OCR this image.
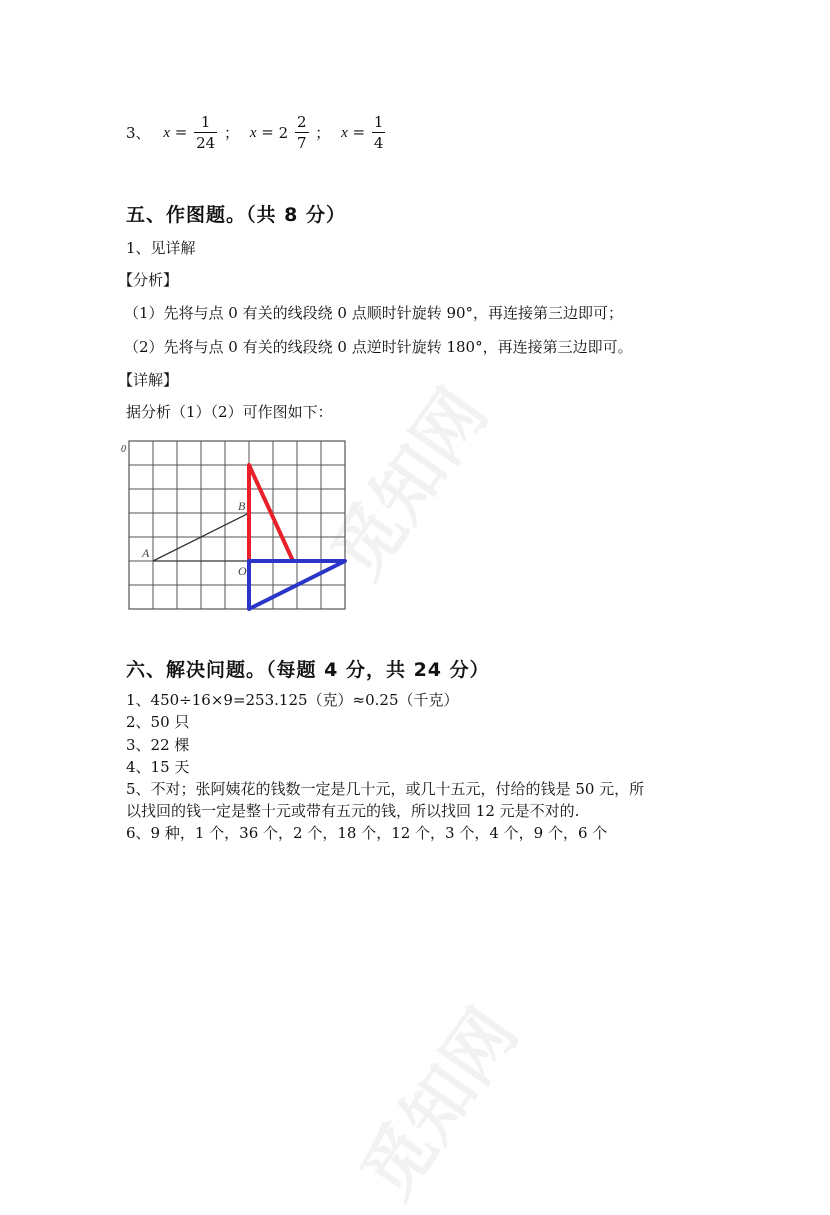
觅知网
觅知网
3、 $x = \frac{1}{24}$ ； $x = 2 \frac{2}{7}$ ； $x = \frac{1}{4}$
五、作图题。（共 8 分）
1、见详解
【分析】
（1）先将与点 0 有关的线段绕 0 点顺时针旋转 90°，再连接第三边即可；
（2）先将与点 0 有关的线段绕 0 点逆时针旋转 180°，再连接第三边即可。
【详解】
据分析（1）（2）可作图如下：
0
A
B
O
六、解决问题。（每题 4 分，共 24 分）
1、450÷16×9=253.125（克）≈0.25（千克）
2、50 只
3、22 棵
4、15 天
5、不对；张阿姨花的钱数一定是几十元，或几十五元，付给的钱是 50 元，所
以找回的钱一定是整十元或带有五元的钱，所以找回 12 元是不对的.
6、9 种，1 个，36 个，2 个，18 个，12 个，3 个，4 个，9 个，6 个
